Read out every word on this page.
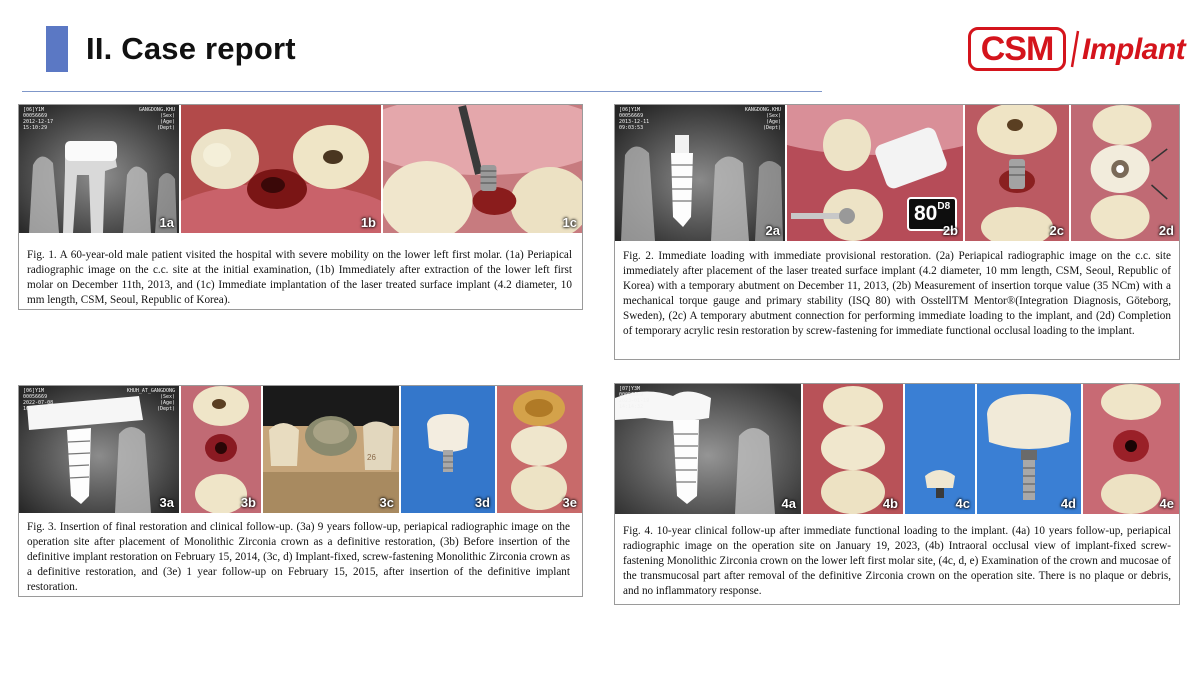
II. Case report	CSM Implant
[06]Y1M
00056669
2012-12-17
15:10:29
GANGDONG.KHU
(Sex)
(Age)
(Dept)
1a	1b	1c
Fig. 1. A 60-year-old male patient visited the hospital with severe mobility on the lower left first molar. (1a) Periapical radiographic image on the c.c. site at the initial examination, (1b) Immediately after extraction of the lower left first molar on December 11th, 2013, and (1c) Immediate implantation of the laser treated surface implant (4.2 diameter, 10 mm length, CSM, Seoul, Republic of Korea).
[06]Y1M
00056669
2013-12-11
09:03:53
KANGDONG.KHU
(Sex)
(Age)
(Dept)
2a
$80^{D8}$
2b	2c	2d
Fig. 2. Immediate loading with immediate provisional restoration. (2a) Periapical radiographic image on the c.c. site immediately after placement of the laser treated surface implant (4.2 diameter, 10 mm length, CSM, Seoul, Republic of Korea) with a temporary abutment on December 11, 2013, (2b) Measurement of insertion torque value (35 NCm) with a mechanical torque gauge and primary stability (ISQ 80) with OsstellTM Mentor®(Integration Diagnosis, Göteborg, Sweden), (2c) A temporary abutment connection for performing immediate loading to the implant, and (2d) Completion of temporary acrylic resin restoration by screw-fastening for immediate functional occlusal loading to the implant.
[06]Y1M
00056669
2022-07-08
10:21:07
KHUH_AT_GANGDONG
(Sex)
(Age)
(Dept)
3a	3b
26
3c	3d	3e
Fig. 3. Insertion of final restoration and clinical follow-up. (3a) 9 years follow-up, periapical radiographic image on the operation site after placement of Monolithic Zirconia crown as a definitive restoration, (3b) Before insertion of the definitive implant restoration on February 15, 2014, (3c, d) Implant-fixed, screw-fastening Monolithic Zirconia crown as a definitive restoration, and (3e) 1 year follow-up on February 15, 2015, after insertion of the definitive implant restoration.
[07]Y3M
00056669
2023-01-19
14:14:32
4a	4b	4c	4d	4e
Fig. 4. 10-year clinical follow-up after immediate functional loading to the implant. (4a) 10 years follow-up, periapical radiographic image on the operation site on January 19, 2023, (4b) Intraoral occlusal view of implant-fixed screw-fastening Monolithic Zirconia crown on the lower left first molar site, (4c, d, e) Examination of the crown and mucosae of the transmucosal part after removal of the definitive Zirconia crown on the operation site. There is no plaque or debris, and no inflammatory response.
